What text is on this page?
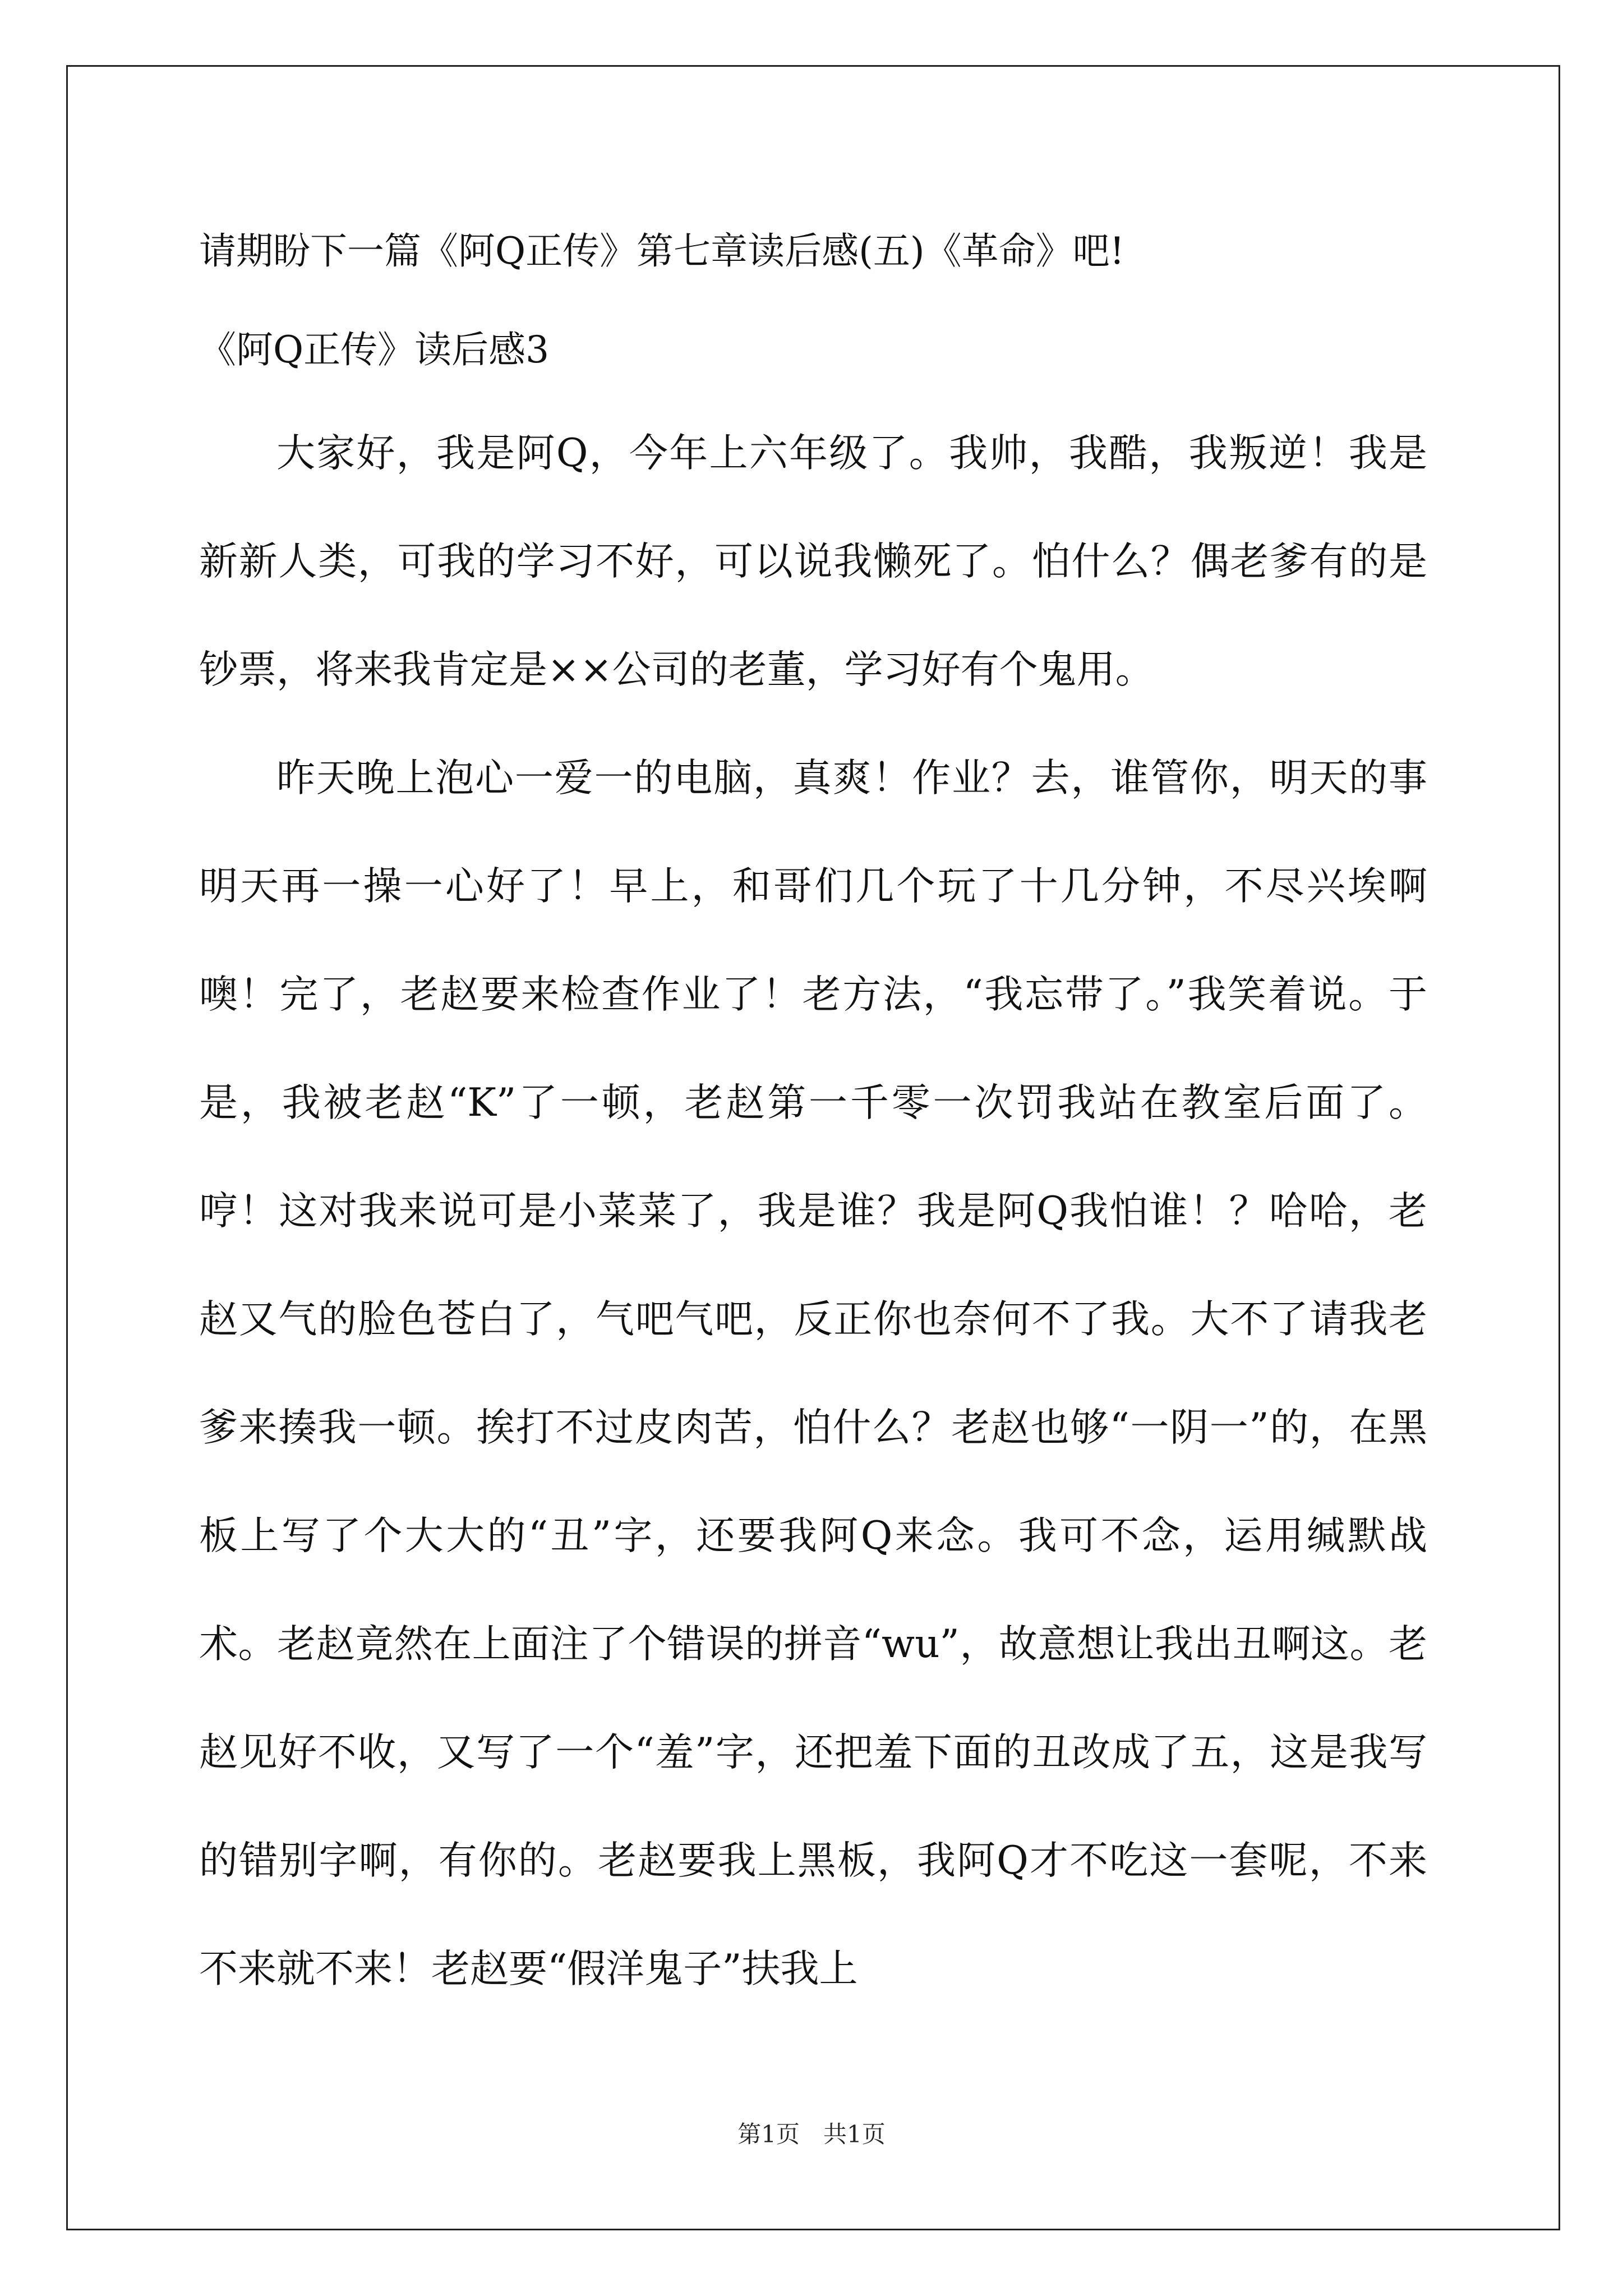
请期盼下一篇《阿Q正传》第七章读后感(五)《革命》吧!

《阿Q正传》读后感3

大家好，我是阿Q，今年上六年级了。我帅，我酷，我叛逆！我是新新人类，可我的学习不好，可以说我懒死了。怕什么？偶老爹有的是钞票，将来我肯定是××公司的老董，学习好有个鬼用。

昨天晚上泡心一爱一的电脑，真爽！作业？去，谁管你，明天的事明天再一操一心好了！早上，和哥们几个玩了十几分钟，不尽兴埃啊噢！完了，老赵要来检查作业了！老方法，“我忘带了。”我笑着说。于是，我被老赵“K”了一顿，老赵第一千零一次罚我站在教室后面了。哼！这对我来说可是小菜菜了，我是谁？我是阿Q我怕谁！？哈哈，老赵又气的脸色苍白了，气吧气吧，反正你也奈何不了我。大不了请我老爹来揍我一顿。挨打不过皮肉苦，怕什么？老赵也够“一阴一”的，在黑板上写了个大大的“丑”字，还要我阿Q来念。我可不念，运用缄默战术。老赵竟然在上面注了个错误的拼音“wu”，故意想让我出丑啊这。老赵见好不收，又写了一个“羞”字，还把羞下面的丑改成了五，这是我写的错别字啊，有你的。老赵要我上黑板，我阿Q才不吃这一套呢，不来不来就不来！老赵要“假洋鬼子”扶我上

第1页　共1页
